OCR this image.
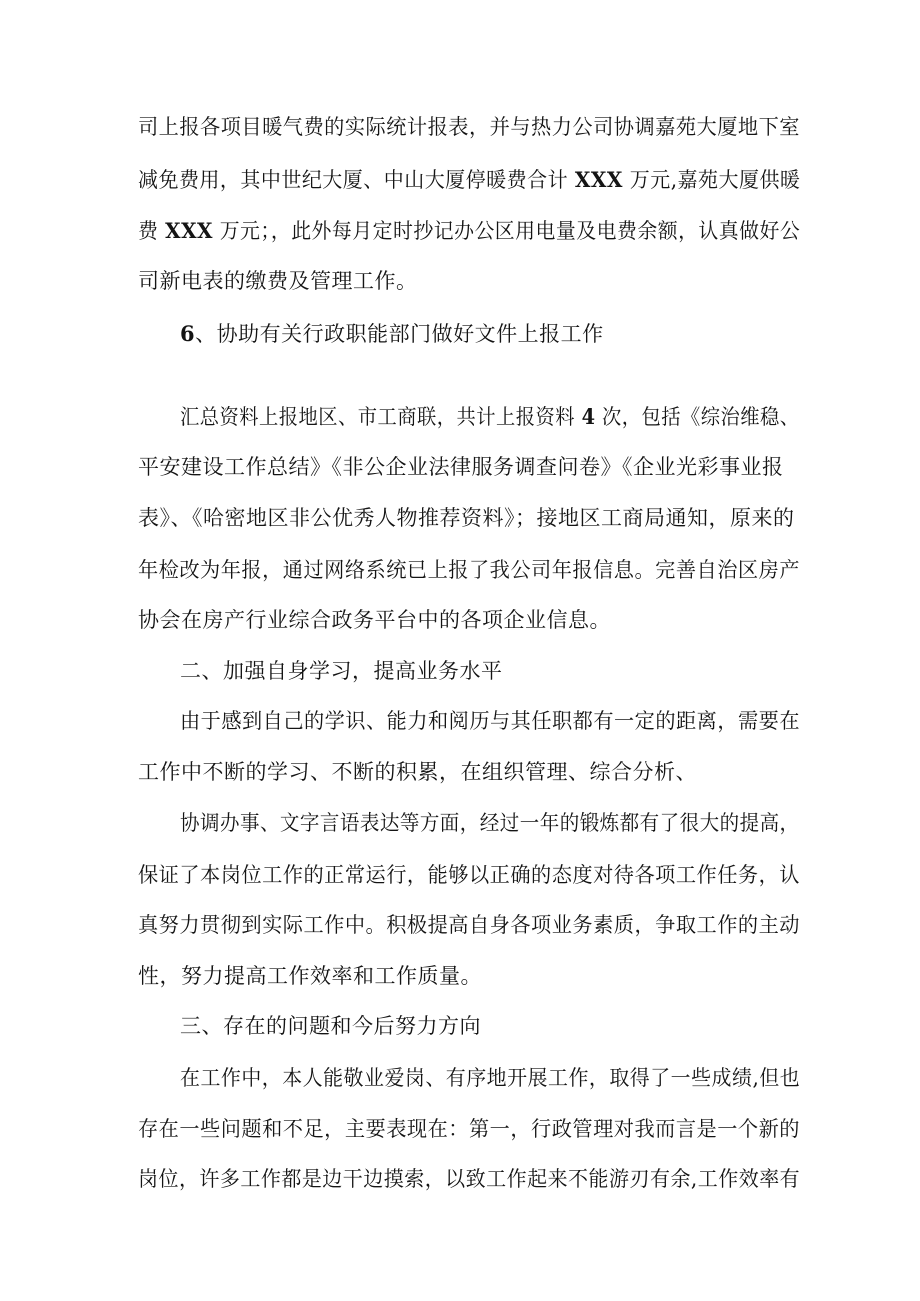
司上报各项目暖气费的实际统计报表，并与热力公司协调嘉苑大厦地下室

减免费用，其中世纪大厦、中山大厦停暖费合计 XXX 万元,嘉苑大厦供暖

费 XXX 万元；，此外每月定时抄记办公区用电量及电费余额，认真做好公

司新电表的缴费及管理工作。

6、协助有关行政职能部门做好文件上报工作

汇总资料上报地区、市工商联，共计上报资料 4 次，包括《综治维稳、

平安建设工作总结》《非公企业法律服务调查问卷》《企业光彩事业报

表》、《哈密地区非公优秀人物推荐资料》；接地区工商局通知，原来的

年检改为年报，通过网络系统已上报了我公司年报信息。完善自治区房产

协会在房产行业综合政务平台中的各项企业信息。

二、加强自身学习，提高业务水平

由于感到自己的学识、能力和阅历与其任职都有一定的距离，需要在

工作中不断的学习、不断的积累，在组织管理、综合分析、

协调办事、文字言语表达等方面，经过一年的锻炼都有了很大的提高，

保证了本岗位工作的正常运行，能够以正确的态度对待各项工作任务，认

真努力贯彻到实际工作中。积极提高自身各项业务素质，争取工作的主动

性，努力提高工作效率和工作质量。

三、存在的问题和今后努力方向

在工作中，本人能敬业爱岗、有序地开展工作，取得了一些成绩,但也

存在一些问题和不足，主要表现在：第一，行政管理对我而言是一个新的

岗位，许多工作都是边干边摸索，以致工作起来不能游刃有余,工作效率有
